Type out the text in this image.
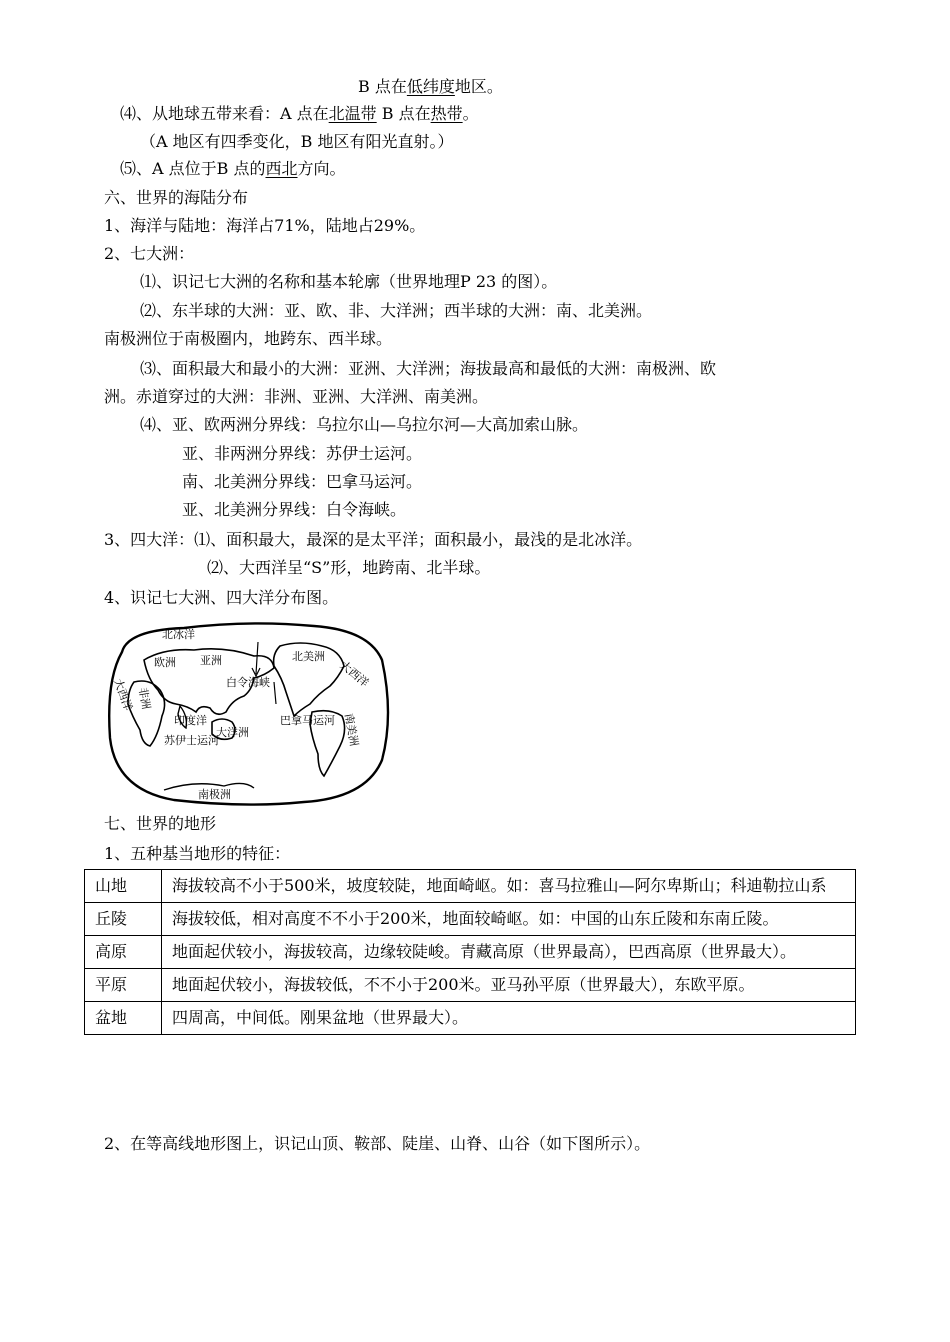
B 点在低纬度地区。
⑷、从地球五带来看：A 点在北温带 B 点在热带。
（A 地区有四季变化，B 地区有阳光直射。）
⑸、A 点位于B 点的西北方向。
六、世界的海陆分布
1、海洋与陆地：海洋占71%，陆地占29%。
2、七大洲：
⑴、识记七大洲的名称和基本轮廓（世界地理P 23 的图）。
⑵、东半球的大洲：亚、欧、非、大洋洲；西半球的大洲：南、北美洲。
南极洲位于南极圈内，地跨东、西半球。
⑶、面积最大和最小的大洲：亚洲、大洋洲；海拔最高和最低的大洲：南极洲、欧
洲。赤道穿过的大洲：非洲、亚洲、大洋洲、南美洲。
⑷、亚、欧两洲分界线：乌拉尔山—乌拉尔河—大高加索山脉。
亚、非两洲分界线：苏伊士运河。
南、北美洲分界线：巴拿马运河。
亚、北美洲分界线：白令海峡。
3、四大洋：⑴、面积最大，最深的是太平洋；面积最小，最浅的是北冰洋。
⑵、大西洋呈“S”形，地跨南、北半球。
4、识记七大洲、四大洋分布图。
北冰洋
欧洲 亚洲	北美洲
大西洋
大西洋
非洲
白令海峡
印度洋
大洋洲
苏伊士运河
巴拿马运河 南美洲
南极洲
七、世界的地形
1、五种基当地形的特征：
山地	海拔较高不小于500米，坡度较陡，地面崎岖。如：喜马拉雅山—阿尔卑斯山；科迪勒拉山系
丘陵	海拔较低，相对高度不不小于200米，地面较崎岖。如：中国的山东丘陵和东南丘陵。
高原	地面起伏较小，海拔较高，边缘较陡峻。青藏高原（世界最高），巴西高原（世界最大）。
平原	地面起伏较小，海拔较低，不不小于200米。亚马孙平原（世界最大），东欧平原。
盆地	四周高，中间低。刚果盆地（世界最大）。
2、在等高线地形图上，识记山顶、鞍部、陡崖、山脊、山谷（如下图所示）。
